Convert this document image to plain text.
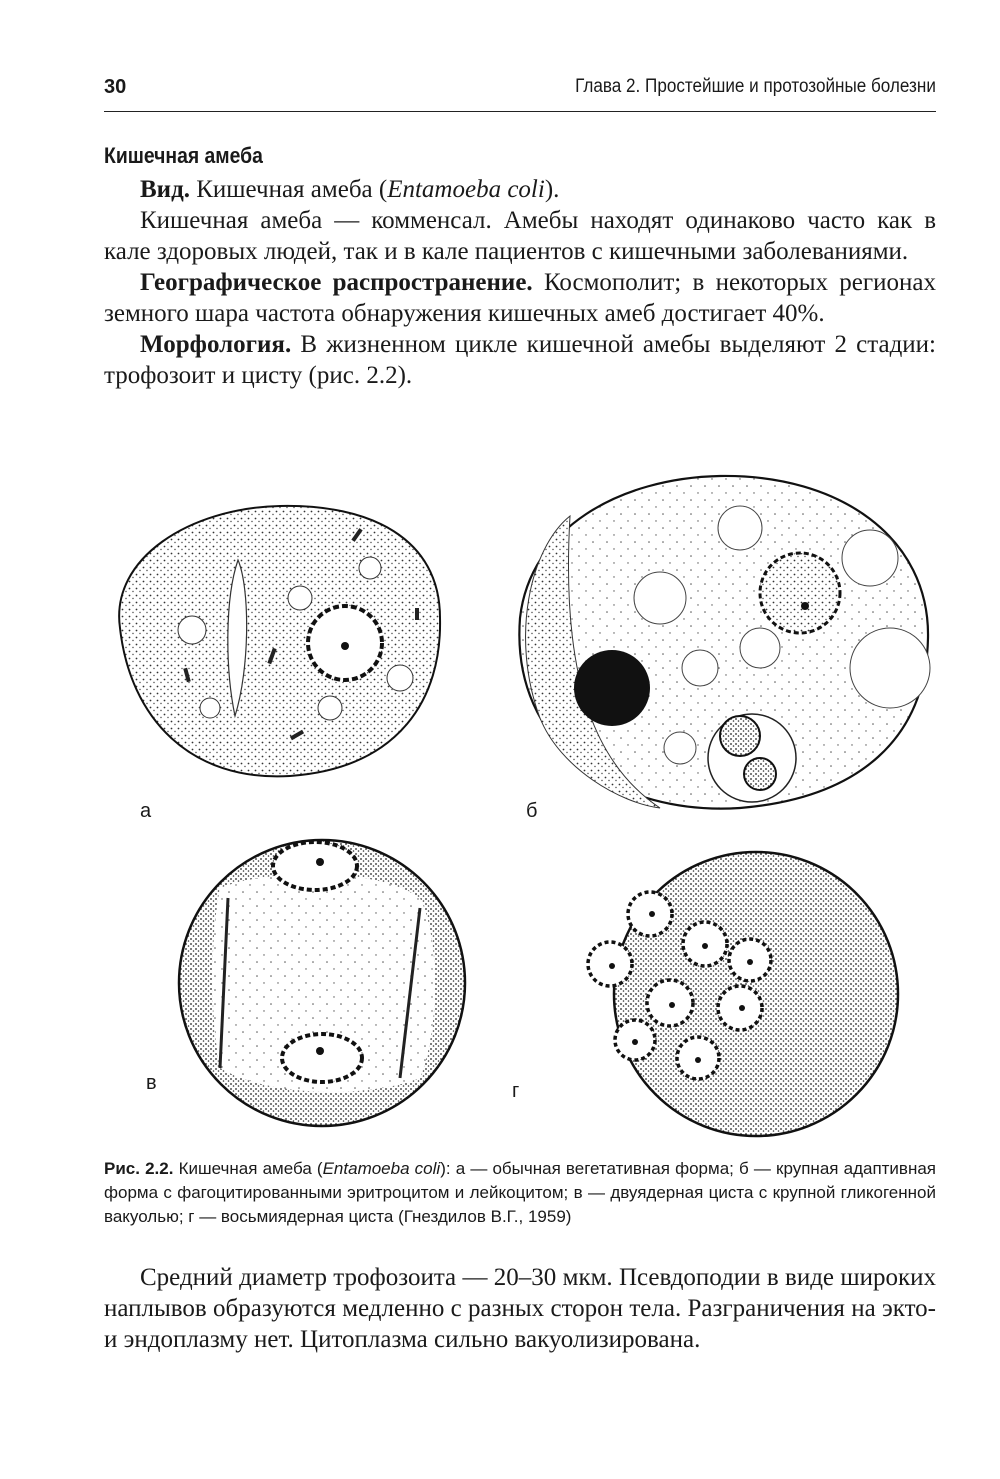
30	Глава 2. Простейшие и протозойные болезни
Кишечная амеба

Вид. Кишечная амеба (Entamoeba coli).

Кишечная амеба — комменсал. Амебы находят одинаково часто как в кале здоровых людей, так и в кале пациентов с кишечными заболеваниями.

Географическое распространение. Космополит; в некоторых регионах земного шара частота обнаружения кишечных амеб достигает 40%.

Морфология. В жизненном цикле кишечной амебы выделяют 2 стадии: трофозоит и цисту (рис. 2.2).

а	б
в	г
Рис. 2.2. Кишечная амеба (Entamoeba coli): а — обычная вегетативная форма; б — крупная адаптивная форма с фагоцитированными эритроцитом и лейкоцитом; в — двуядерная циста с крупной гликогенной вакуолью; г — восьмиядерная циста (Гнездилов В.Г., 1959)

Средний диаметр трофозоита — 20–30 мкм. Псевдоподии в виде широких наплывов образуются медленно с разных сторон тела. Разграничения на экто- и эндоплазму нет. Цитоплазма сильно вакуолизирована.
